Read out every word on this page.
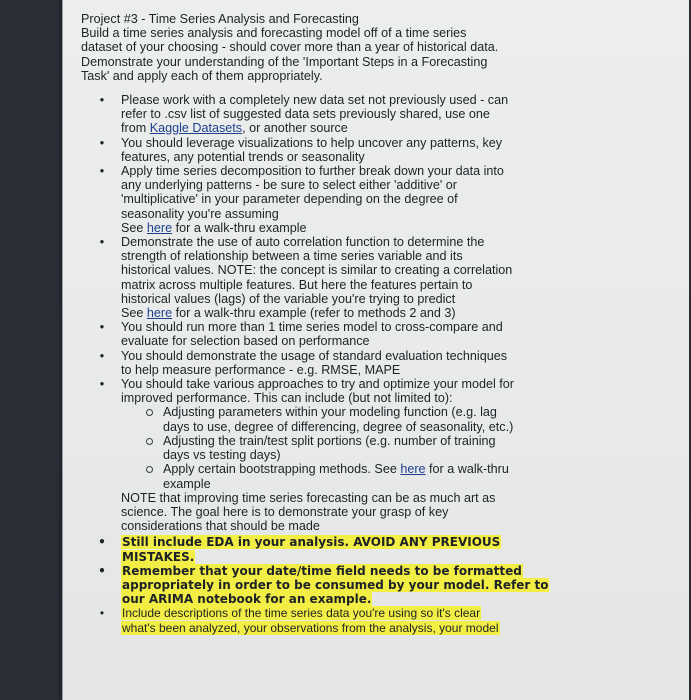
Project #3 - Time Series Analysis and Forecasting

Build a time series analysis and forecasting model off of a time series

dataset of your choosing - should cover more than a year of historical data.

Demonstrate your understanding of the 'Important Steps in a Forecasting

Task' and apply each of them appropriately.

• Please work with a completely new data set not previously used - can
refer to .csv list of suggested data sets previously shared, use one
from Kaggle Datasets, or another source
• You should leverage visualizations to help uncover any patterns, key
features, any potential trends or seasonality
• Apply time series decomposition to further break down your data into
any underlying patterns - be sure to select either 'additive' or
'multiplicative' in your parameter depending on the degree of
seasonality you're assuming
See here for a walk-thru example
• Demonstrate the use of auto correlation function to determine the
strength of relationship between a time series variable and its
historical values. NOTE: the concept is similar to creating a correlation
matrix across multiple features. But here the features pertain to
historical values (lags) of the variable you're trying to predict
See here for a walk-thru example (refer to methods 2 and 3)
• You should run more than 1 time series model to cross-compare and
evaluate for selection based on performance
• You should demonstrate the usage of standard evaluation techniques
to help measure performance - e.g. RMSE, MAPE
• You should take various approaches to try and optimize your model for
improved performance. This can include (but not limited to):
Adjusting parameters within your modeling function (e.g. lag
days to use, degree of differencing, degree of seasonality, etc.)
Adjusting the train/test split portions (e.g. number of training
days vs testing days)
Apply certain bootstrapping methods. See here for a walk-thru
example
NOTE that improving time series forecasting can be as much art as
science. The goal here is to demonstrate your grasp of key
considerations that should be made
• Still include EDA in your analysis. AVOID ANY PREVIOUS
MISTAKES.
• Remember that your date/time field needs to be formatted
appropriately in order to be consumed by your model. Refer to
our ARIMA notebook for an example.
• Include descriptions of the time series data you're using so it's clear
what's been analyzed, your observations from the analysis, your model
